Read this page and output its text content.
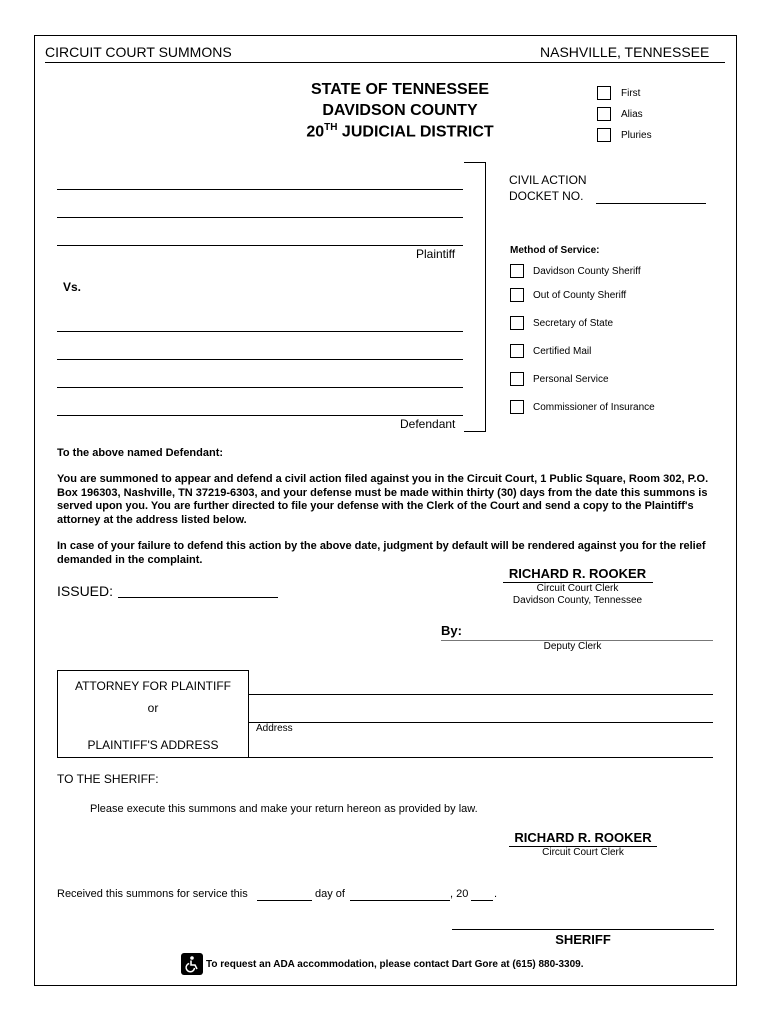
CIRCUIT COURT SUMMONS	NASHVILLE, TENNESSEE
STATE OF TENNESSEE
DAVIDSON COUNTY
20TH JUDICIAL DISTRICT
First
Alias
Pluries
CIVIL ACTION
DOCKET NO.
Plaintiff
Vs.
Defendant
Method of Service:
Davidson County Sheriff
Out of County Sheriff
Secretary of State
Certified Mail
Personal Service
Commissioner of Insurance
To the above named Defendant:
You are summoned to appear and defend a civil action filed against you in the Circuit Court, 1 Public Square, Room 302, P.O. Box 196303, Nashville, TN 37219-6303, and your defense must be made within thirty (30) days from the date this summons is served upon you. You are further directed to file your defense with the Clerk of the Court and send a copy to the Plaintiff's attorney at the address listed below.
In case of your failure to defend this action by the above date, judgment by default will be rendered against you for the relief demanded in the complaint.
ISSUED:
RICHARD R. ROOKER
Circuit Court Clerk
Davidson County, Tennessee
By:
Deputy Clerk
ATTORNEY FOR PLAINTIFF
or
PLAINTIFF'S ADDRESS
Address
TO THE SHERIFF:
Please execute this summons and make your return hereon as provided by law.
RICHARD R. ROOKER
Circuit Court Clerk
Received this summons for service this	day of	, 20 .
SHERIFF
To request an ADA accommodation, please contact Dart Gore at (615) 880-3309.
